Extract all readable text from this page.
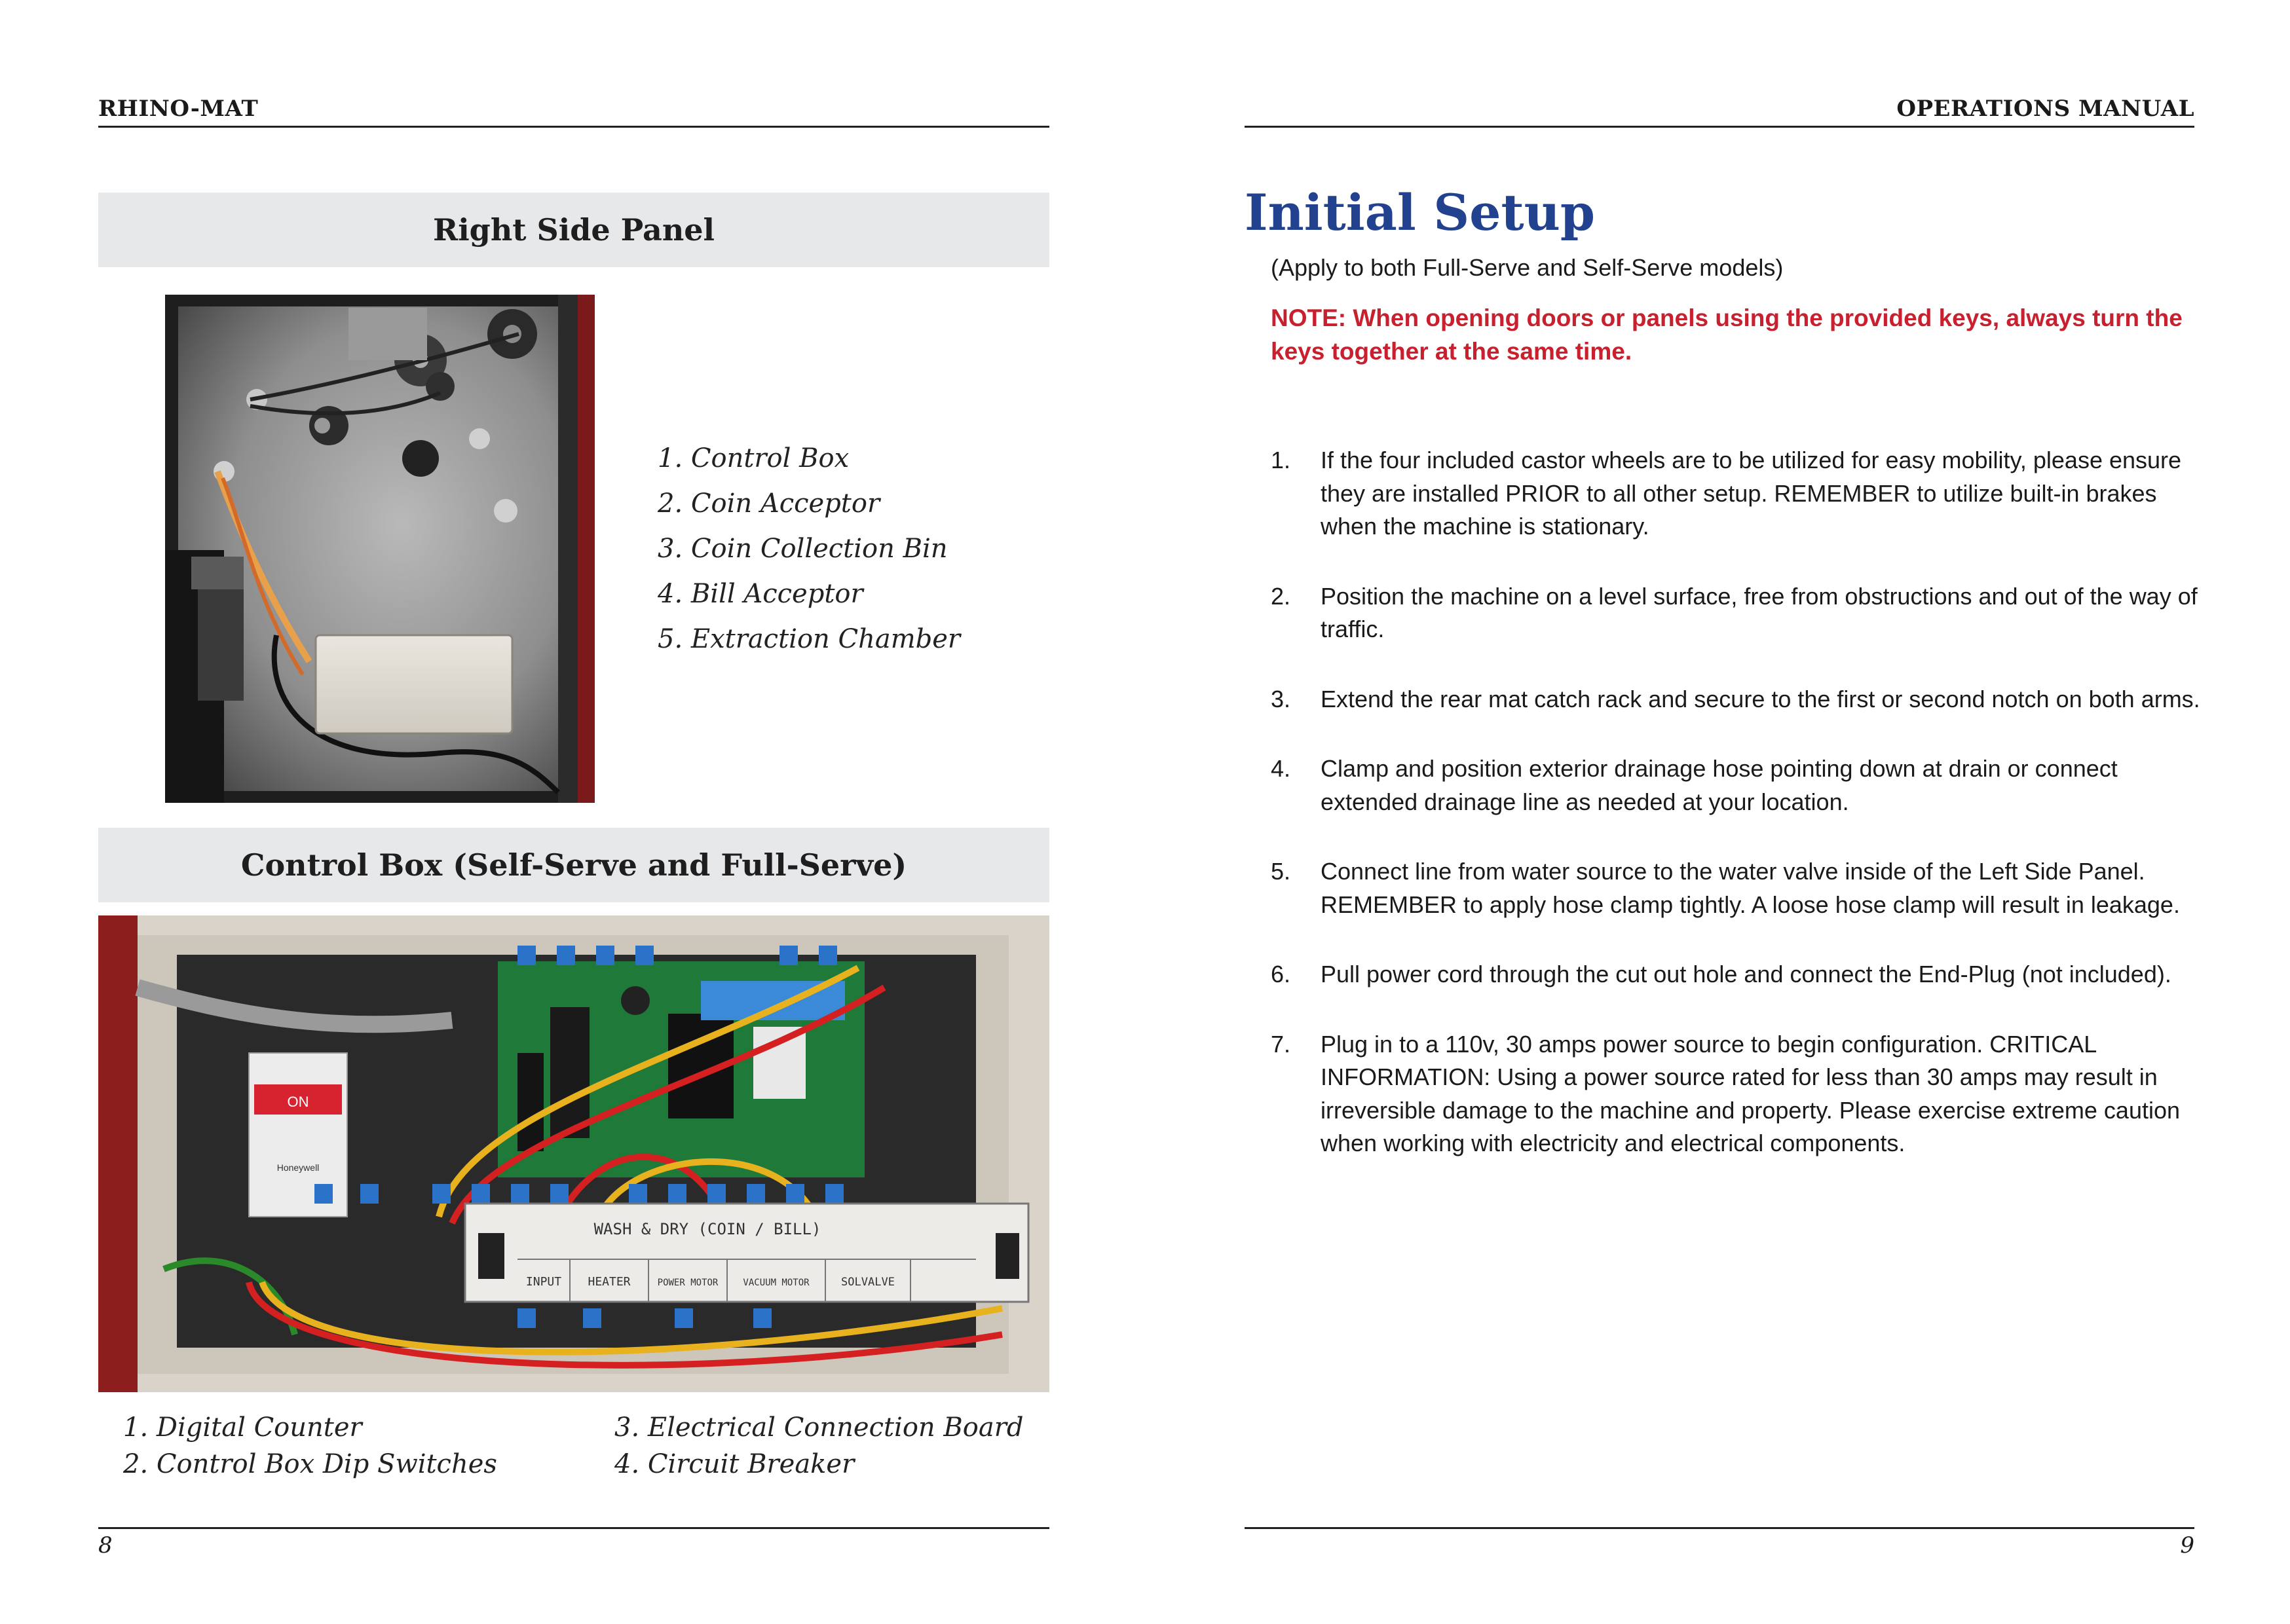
RHINO-MAT
Right Side Panel
1. Control Box
2. Coin Acceptor
3. Coin Collection Bin
4. Bill Acceptor
5. Extraction Chamber
Control Box (Self-Serve and Full-Serve)
ON
Honeywell
WASH & DRY (COIN / BILL)
INPUT HEATER	POWER MOTOR	VACUUM MOTOR	SOLVALVE
1. Digital Counter
2. Control Box Dip Switches
3. Electrical Connection Board
4. Circuit Breaker
8
OPERATIONS MANUAL
Initial Setup
(Apply to both Full-Serve and Self-Serve models)
NOTE: When opening doors or panels using the provided keys, always turn the keys together at the same time.
1.	If the four included castor wheels are to be utilized for easy mobility, please ensure they are installed PRIOR to all other setup. REMEMBER to utilize built-in brakes when the machine is stationary.
2.	Position the machine on a level surface, free from obstructions and out of the way of traffic.
3.	Extend the rear mat catch rack and secure to the first or second notch on both arms.
4.	Clamp and position exterior drainage hose pointing down at drain or connect extended drainage line as needed at your location.
5.	Connect line from water source to the water valve inside of the Left Side Panel. REMEMBER to apply hose clamp tightly. A loose hose clamp will result in leakage.
6.	Pull power cord through the cut out hole and connect the End-Plug (not included).
7.	Plug in to a 110v, 30 amps power source to begin configuration. CRITICAL INFORMATION: Using a power source rated for less than 30 amps may result in irreversible damage to the machine and property. Please exercise extreme caution when working with electricity and electrical components.
9
